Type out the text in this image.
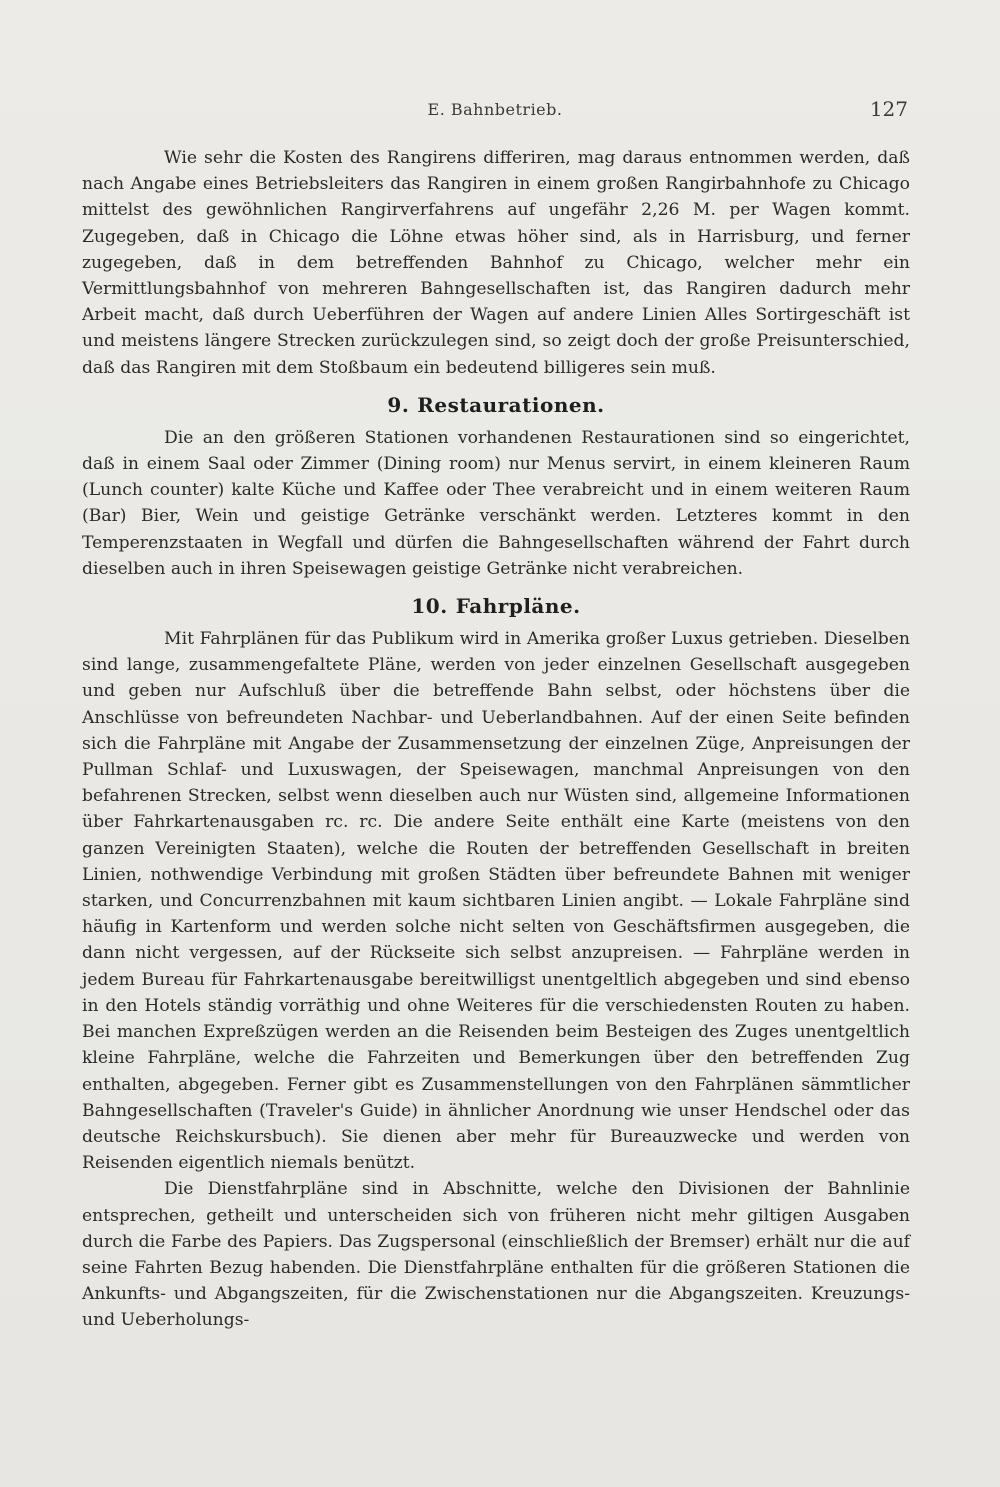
E. Bahnbetrieb.	127

Wie sehr die Kosten des Rangirens differiren, mag daraus entnommen werden, daß nach Angabe eines Betriebsleiters das Rangiren in einem großen Rangirbahnhofe zu Chicago mittelst des gewöhnlichen Rangirverfahrens auf ungefähr 2,26 M. per Wagen kommt. Zugegeben, daß in Chicago die Löhne etwas höher sind, als in Harrisburg, und ferner zugegeben, daß in dem betreffenden Bahnhof zu Chicago, welcher mehr ein Vermittlungsbahnhof von mehreren Bahngesellschaften ist, das Rangiren dadurch mehr Arbeit macht, daß durch Ueberführen der Wagen auf andere Linien Alles Sortirgeschäft ist und meistens längere Strecken zurückzulegen sind, so zeigt doch der große Preisunterschied, daß das Rangiren mit dem Stoßbaum ein bedeutend billigeres sein muß.

9. Restaurationen.

Die an den größeren Stationen vorhandenen Restaurationen sind so eingerichtet, daß in einem Saal oder Zimmer (Dining room) nur Menus servirt, in einem kleineren Raum (Lunch counter) kalte Küche und Kaffee oder Thee verabreicht und in einem weiteren Raum (Bar) Bier, Wein und geistige Getränke verschänkt werden. Letzteres kommt in den Temperenzstaaten in Wegfall und dürfen die Bahngesellschaften während der Fahrt durch dieselben auch in ihren Speisewagen geistige Getränke nicht verabreichen.

10. Fahrpläne.

Mit Fahrplänen für das Publikum wird in Amerika großer Luxus getrieben. Dieselben sind lange, zusammengefaltete Pläne, werden von jeder einzelnen Gesellschaft ausgegeben und geben nur Aufschluß über die betreffende Bahn selbst, oder höchstens über die Anschlüsse von befreundeten Nachbar- und Ueberlandbahnen. Auf der einen Seite befinden sich die Fahrpläne mit Angabe der Zusammensetzung der einzelnen Züge, Anpreisungen der Pullman Schlaf- und Luxuswagen, der Speisewagen, manchmal Anpreisungen von den befahrenen Strecken, selbst wenn dieselben auch nur Wüsten sind, allgemeine Informationen über Fahrkartenausgaben rc. rc. Die andere Seite enthält eine Karte (meistens von den ganzen Vereinigten Staaten), welche die Routen der betreffenden Gesellschaft in breiten Linien, nothwendige Verbindung mit großen Städten über befreundete Bahnen mit weniger starken, und Concurrenzbahnen mit kaum sichtbaren Linien angibt. — Lokale Fahrpläne sind häufig in Kartenform und werden solche nicht selten von Geschäftsfirmen ausgegeben, die dann nicht vergessen, auf der Rückseite sich selbst anzupreisen. — Fahrpläne werden in jedem Bureau für Fahrkartenausgabe bereitwilligst unentgeltlich abgegeben und sind ebenso in den Hotels ständig vorräthig und ohne Weiteres für die verschiedensten Routen zu haben. Bei manchen Expreßzügen werden an die Reisenden beim Besteigen des Zuges unentgeltlich kleine Fahrpläne, welche die Fahrzeiten und Bemerkungen über den betreffenden Zug enthalten, abgegeben. Ferner gibt es Zusammenstellungen von den Fahrplänen sämmtlicher Bahngesellschaften (Traveler's Guide) in ähnlicher Anordnung wie unser Hendschel oder das deutsche Reichskursbuch). Sie dienen aber mehr für Bureauzwecke und werden von Reisenden eigentlich niemals benützt.

Die Dienstfahrpläne sind in Abschnitte, welche den Divisionen der Bahnlinie entsprechen, getheilt und unterscheiden sich von früheren nicht mehr giltigen Ausgaben durch die Farbe des Papiers. Das Zugspersonal (einschließlich der Bremser) erhält nur die auf seine Fahrten Bezug habenden. Die Dienstfahrpläne enthalten für die größeren Stationen die Ankunfts- und Abgangszeiten, für die Zwischenstationen nur die Abgangszeiten. Kreuzungs- und Ueberholungs-
